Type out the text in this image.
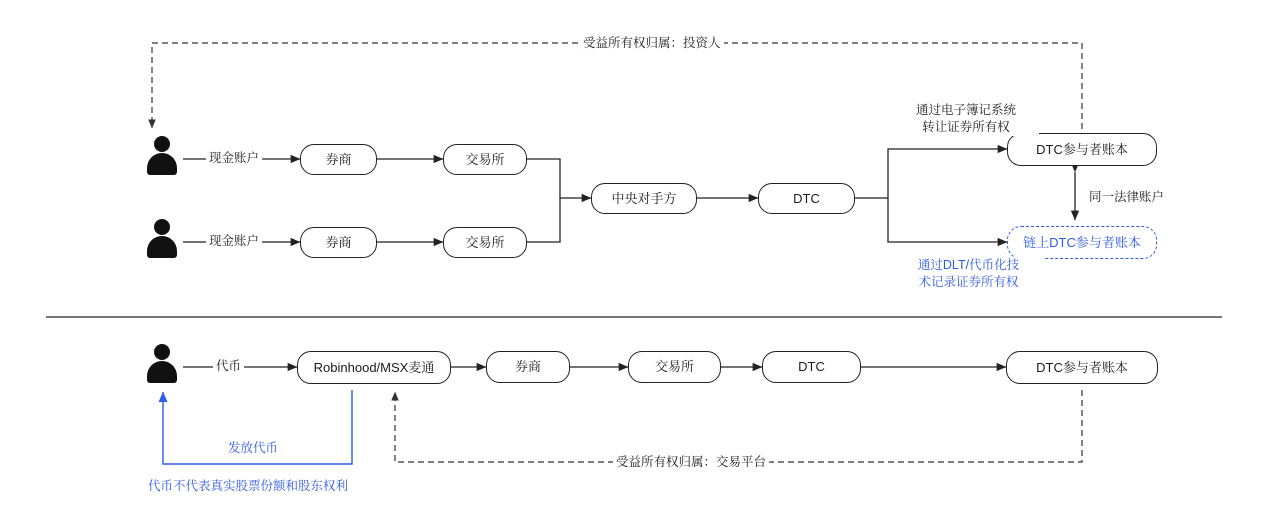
现金账户
现金账户
券商	交易所
券商	交易所
中央对手方	DTC
DTC参与者账本
链上DTC参与者账本
受益所有权归属：投资人
通过电子簿记系统
转让证券所有权
同一法律账户
通过DLT/代币化技
术记录证券所有权
代币	Robinhood/MSX麦通	券商	交易所	DTC	DTC参与者账本
发放代币
代币不代表真实股票份额和股东权利
受益所有权归属：交易平台
